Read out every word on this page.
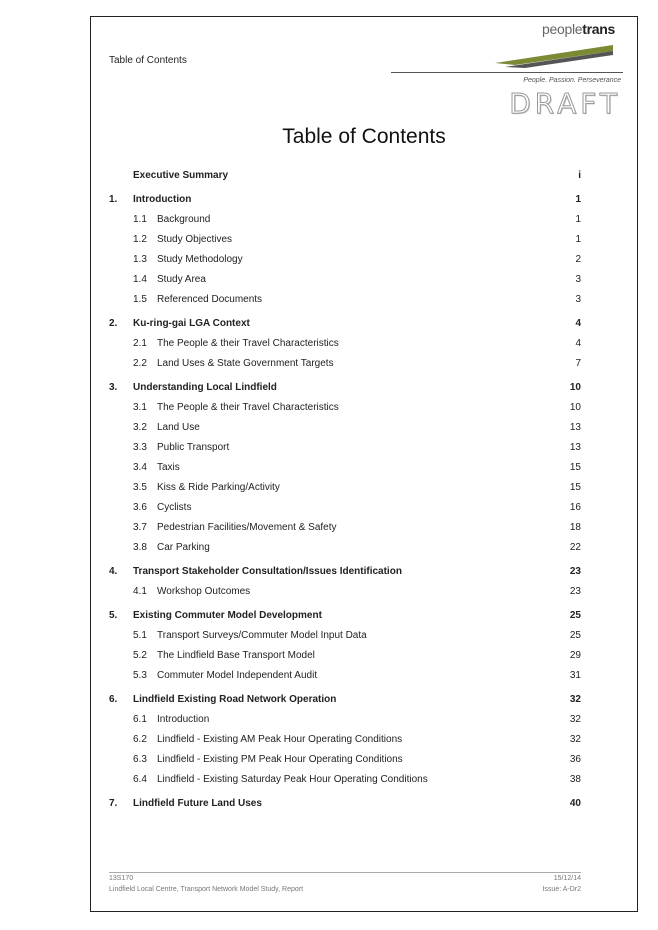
Table of Contents
peopletrans
People. Passion. Perseverance
DRAFT
Table of Contents
Executive Summary	i
1.	Introduction	1
1.1	Background	1
1.2	Study Objectives	1
1.3	Study Methodology	2
1.4	Study Area	3
1.5	Referenced Documents	3
2.	Ku-ring-gai LGA Context	4
2.1	The People & their Travel Characteristics	4
2.2	Land Uses & State Government Targets	7
3.	Understanding Local Lindfield	10
3.1	The People & their Travel Characteristics	10
3.2	Land Use	13
3.3	Public Transport	13
3.4	Taxis	15
3.5	Kiss & Ride Parking/Activity	15
3.6	Cyclists	16
3.7	Pedestrian Facilities/Movement & Safety	18
3.8	Car Parking	22
4.	Transport Stakeholder Consultation/Issues Identification	23
4.1	Workshop Outcomes	23
5.	Existing Commuter Model Development	25
5.1	Transport Surveys/Commuter Model Input Data	25
5.2	The Lindfield Base Transport Model	29
5.3	Commuter Model Independent Audit	31
6.	Lindfield Existing Road Network Operation	32
6.1	Introduction	32
6.2	Lindfield - Existing AM Peak Hour Operating Conditions	32
6.3	Lindfield - Existing PM Peak Hour Operating Conditions	36
6.4	Lindfield - Existing Saturday Peak Hour Operating Conditions	38
7.	Lindfield Future Land Uses	40
13S170	15/12/14
Lindfield Local Centre, Transport Network Model Study, Report	Issue: A-Dr2
